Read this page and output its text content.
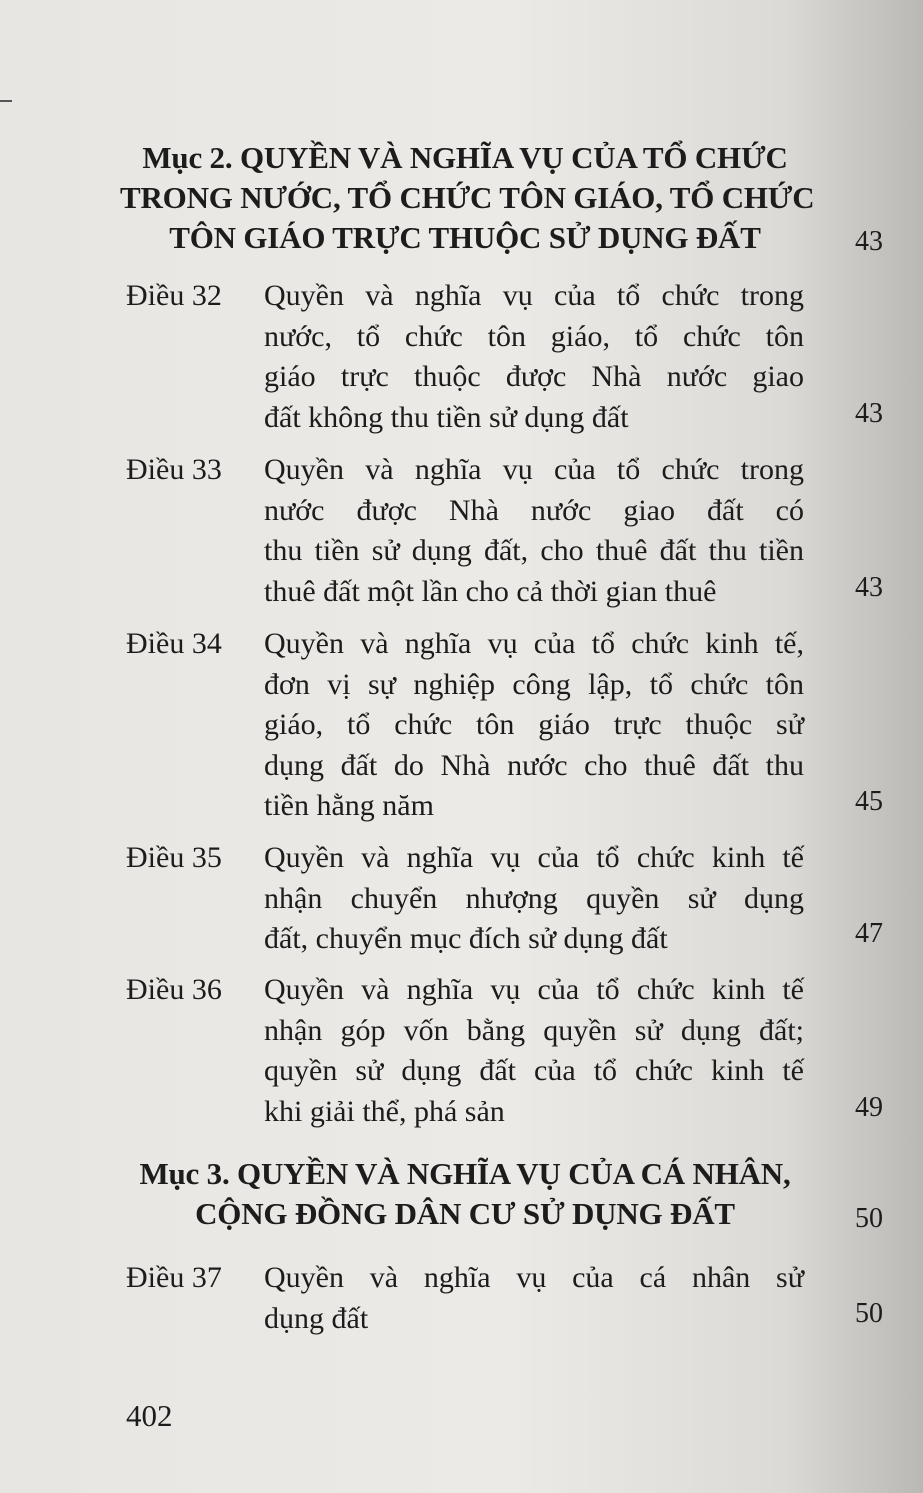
Mục 2. QUYỀN VÀ NGHĨA VỤ CỦA TỔ CHỨC
TRONG NƯỚC, TỔ CHỨC TÔN GIÁO, TỔ CHỨC
TÔN GIÁO TRỰC THUỘC SỬ DỤNG ĐẤT	43
Điều 32 Quyền và nghĩa vụ của tổ chức trong
nước, tổ chức tôn giáo, tổ chức tôn
giáo trực thuộc được Nhà nước giao
đất không thu tiền sử dụng đất	43
Điều 33 Quyền và nghĩa vụ của tổ chức trong
nước được Nhà nước giao đất có
thu tiền sử dụng đất, cho thuê đất thu tiền
thuê đất một lần cho cả thời gian thuê	43
Điều 34 Quyền và nghĩa vụ của tổ chức kinh tế,
đơn vị sự nghiệp công lập, tổ chức tôn
giáo, tổ chức tôn giáo trực thuộc sử
dụng đất do Nhà nước cho thuê đất thu
tiền hằng năm	45
Điều 35 Quyền và nghĩa vụ của tổ chức kinh tế
nhận chuyển nhượng quyền sử dụng
đất, chuyển mục đích sử dụng đất	47
Điều 36 Quyền và nghĩa vụ của tổ chức kinh tế
nhận góp vốn bằng quyền sử dụng đất;
quyền sử dụng đất của tổ chức kinh tế
khi giải thể, phá sản	49
Mục 3. QUYỀN VÀ NGHĨA VỤ CỦA CÁ NHÂN,
CỘNG ĐỒNG DÂN CƯ SỬ DỤNG ĐẤT	50
Điều 37 Quyền và nghĩa vụ của cá nhân sử
dụng đất	50
402
